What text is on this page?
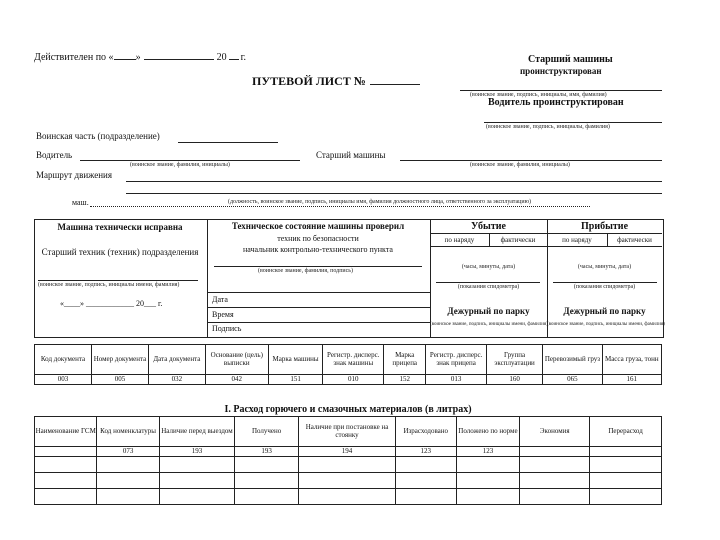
Действителен по « »	20 г.
ПУТЕВОЙ ЛИСТ №
Старший машины
проинструктирован
(воинское звание, подпись, инициалы, имя, фамилия)
Водитель проинструктирован
(воинское звание, подпись, инициалы, фамилия)
Воинская часть (подразделение)
Водитель	Старший машины
(воинское звание, фамилия, инициалы)	(воинское звание, фамилия, инициалы)
Маршрут движения
маш.	(должность, воинское звание, подпись, инициалы имя, фамилия должностного лица, ответственного за эксплуатацию)
Машина технически исправна
Старший техник (техник) подразделения
(воинское звание, подпись, инициалы имени, фамилия)
«____» ____________ 20___ г.
Техническое состояние машины проверил
техник по безопасности
начальник контрольно-технического пункта
(воинское звание, фамилия, подпись)
Дата
Время
Подпись
Убытие	Прибытие
по наряду	фактически	по наряду	фактически
(часы, минуты, дата)	(часы, минуты, дата)
(показания спидометра)	(показания спидометра)
Дежурный по парку	Дежурный по парку
(воинское звание, подпись, инициалы имени, фамилия) (воинское звание, подпись, инициалы имени, фамилия)
Код документа	Номер документа	Дата документа	Основание (цель) выписки	Марка машины	Регистр. дисперс. знак машины	Марка прицепа	Регистр. дисперс. знак прицепа	Группа эксплуатации	Перевозимый груз	Масса груза, тонн
003	005	032	042	151	010	152	013	160	065	161
I. Расход горючего и смазочных материалов (в литрах)
Наименование ГСМ	Код номенклатуры	Наличие перед выездом	Получено	Наличие при постановке на стоянку	Израсходовано	Положено по норме	Экономия	Перерасход
	073	193	193	194	123	123		
